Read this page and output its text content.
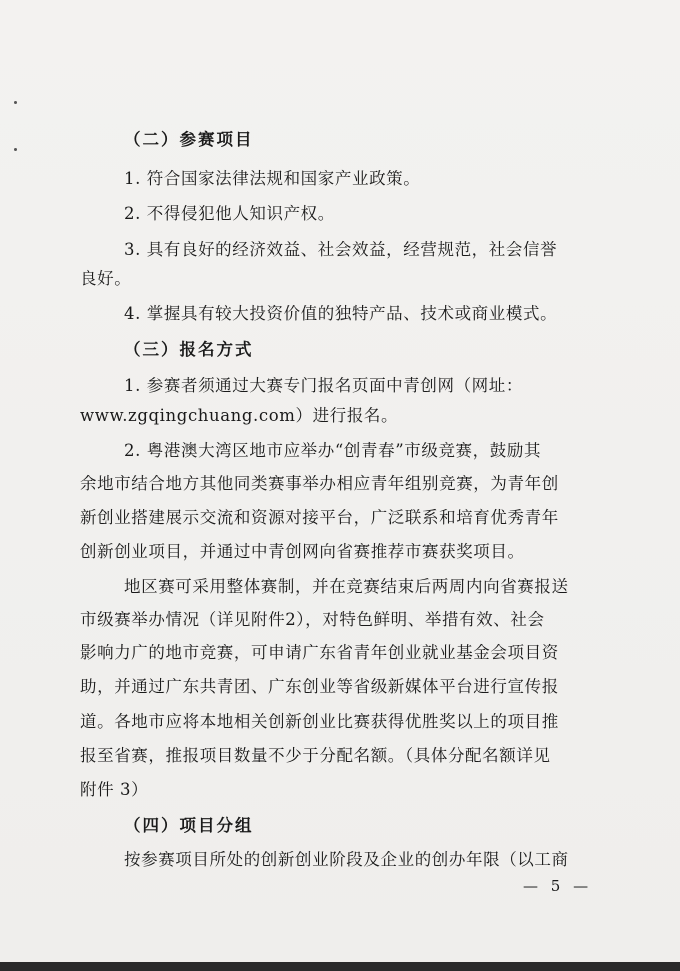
（二）参赛项目
1. 符合国家法律法规和国家产业政策。
2. 不得侵犯他人知识产权。
3. 具有良好的经济效益、社会效益，经营规范，社会信誉
良好。
4. 掌握具有较大投资价值的独特产品、技术或商业模式。
（三）报名方式
1. 参赛者须通过大赛专门报名页面中青创网（网址：
www.zgqingchuang.com）进行报名。
2. 粤港澳大湾区地市应举办“创青春”市级竞赛，鼓励其
余地市结合地方其他同类赛事举办相应青年组别竞赛，为青年创
新创业搭建展示交流和资源对接平台，广泛联系和培育优秀青年
创新创业项目，并通过中青创网向省赛推荐市赛获奖项目。
地区赛可采用整体赛制，并在竞赛结束后两周内向省赛报送
市级赛举办情况（详见附件2），对特色鲜明、举措有效、社会
影响力广的地市竞赛，可申请广东省青年创业就业基金会项目资
助，并通过广东共青团、广东创业等省级新媒体平台进行宣传报
道。各地市应将本地相关创新创业比赛获得优胜奖以上的项目推
报至省赛，推报项目数量不少于分配名额。（具体分配名额详见
附件 3）
（四）项目分组
按参赛项目所处的创新创业阶段及企业的创办年限（以工商
— 5 —
